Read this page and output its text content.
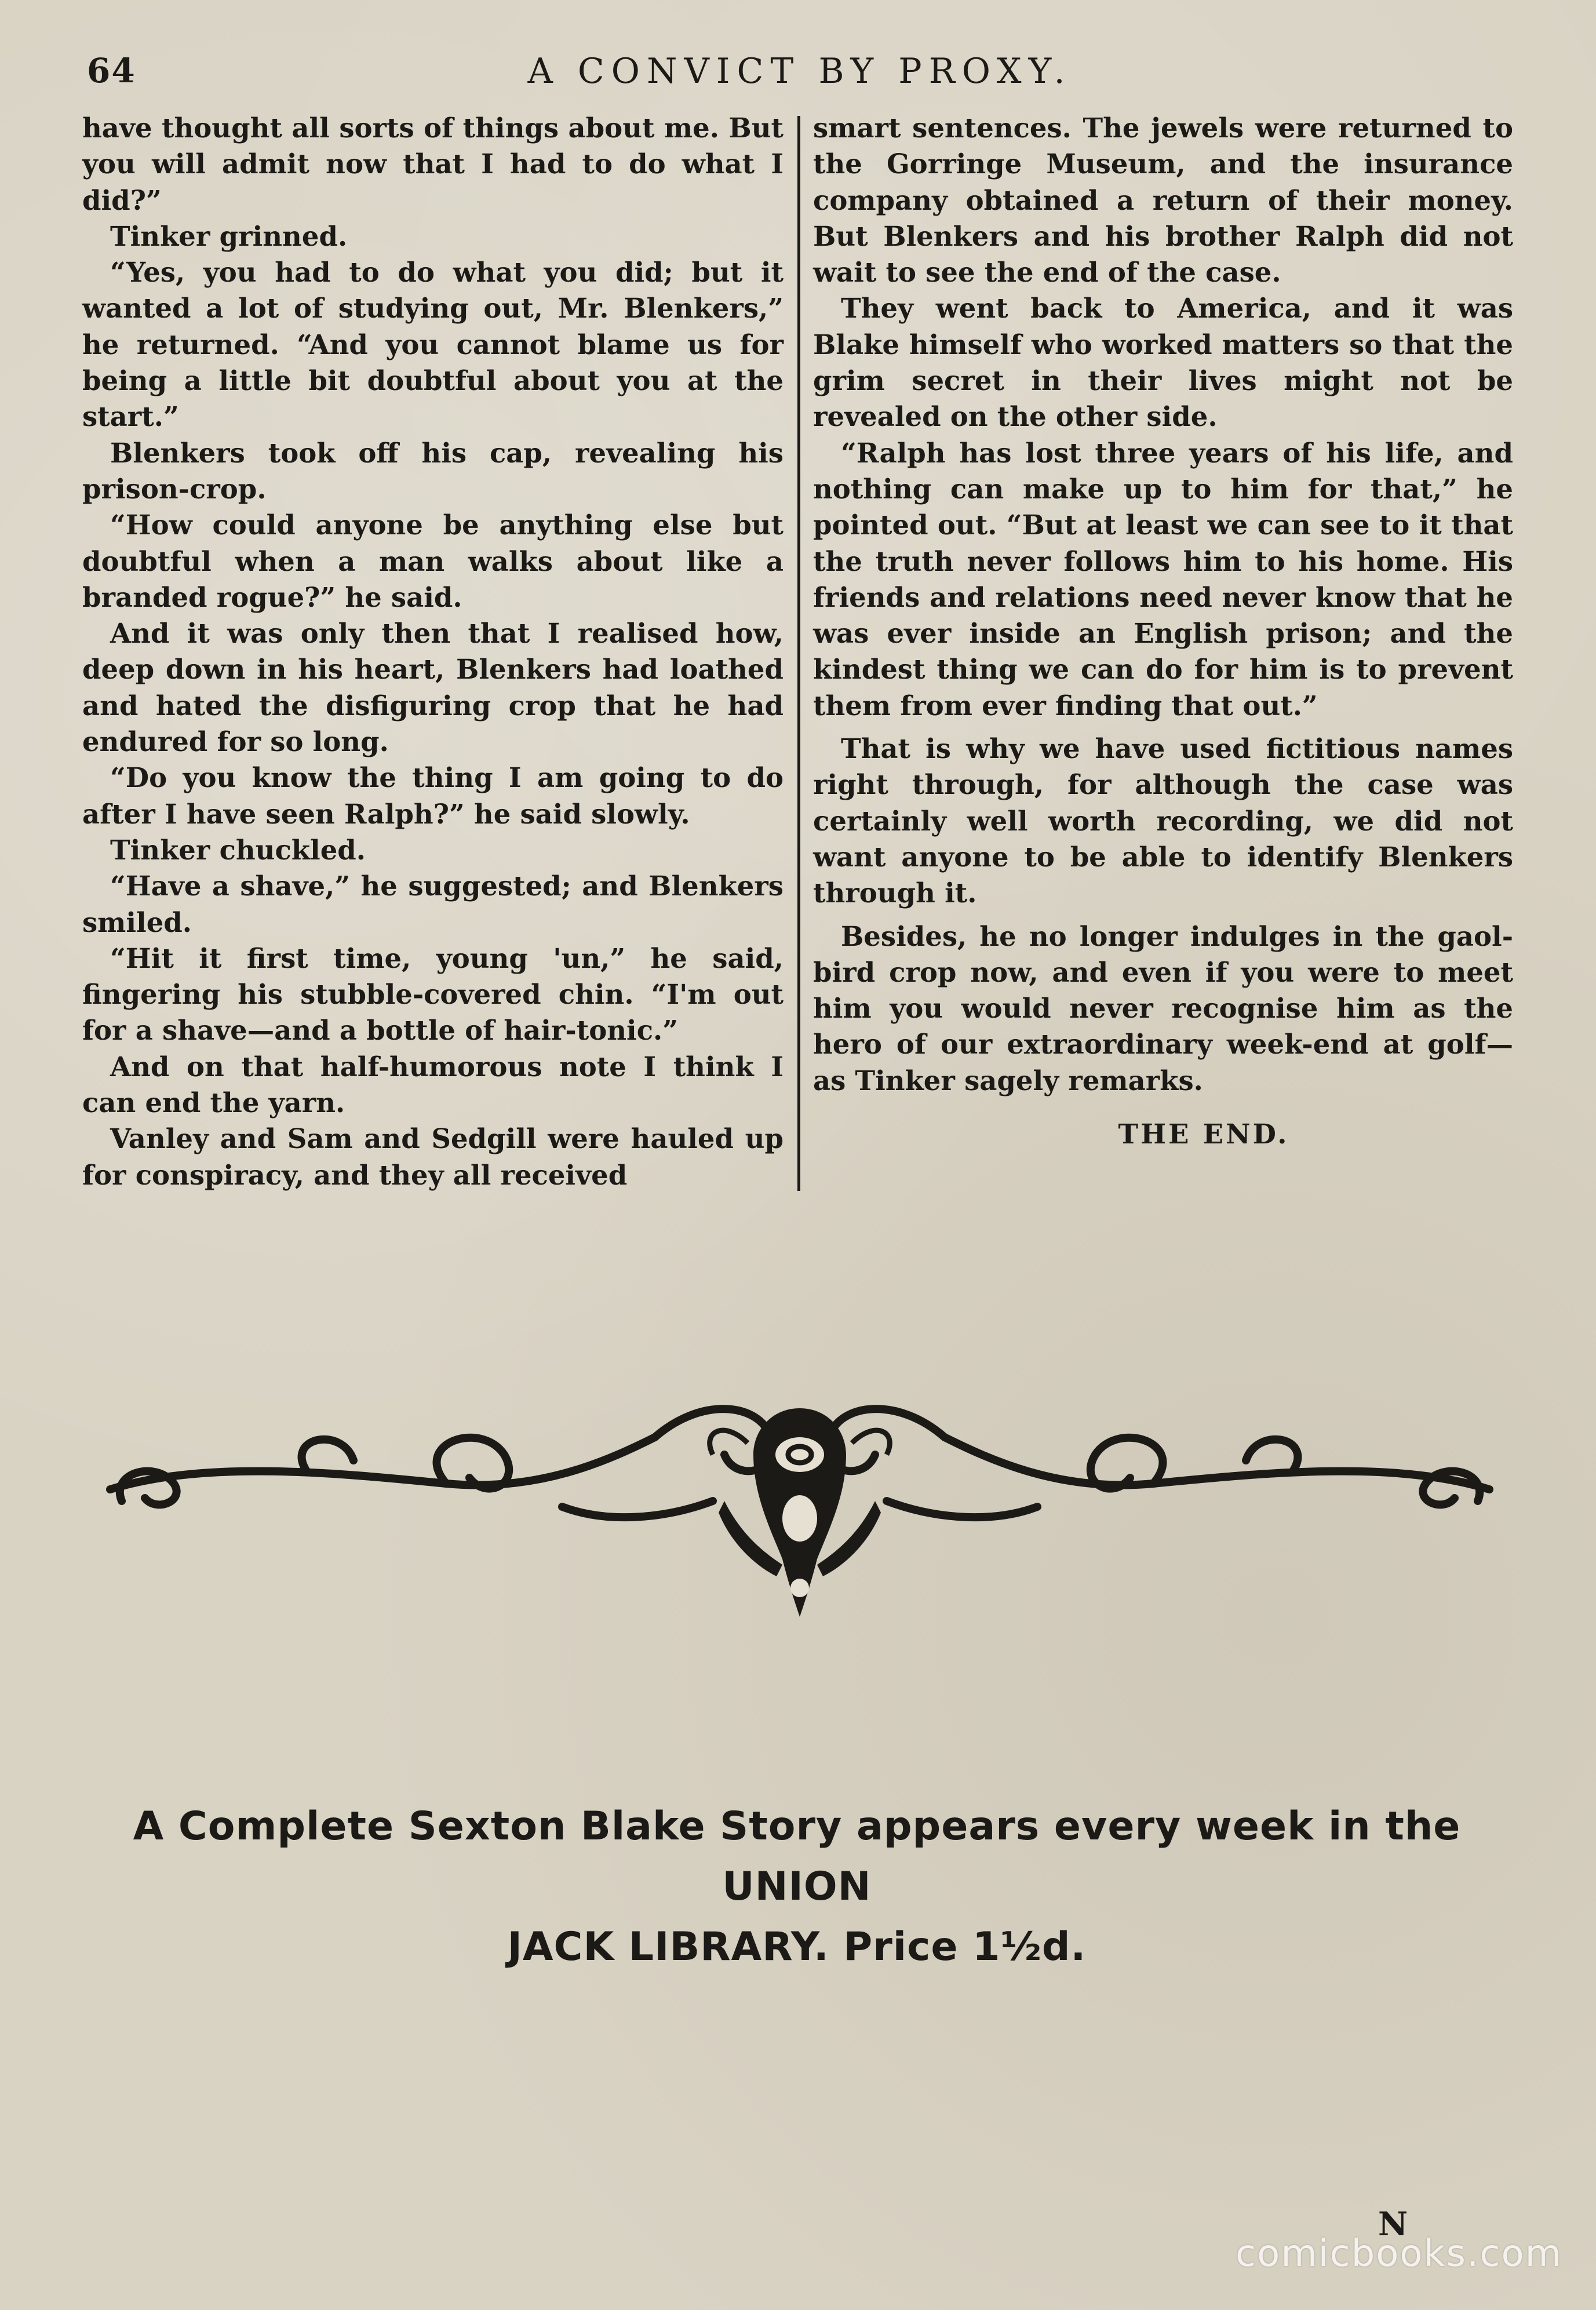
64	A CONVICT BY PROXY.

have thought all sorts of things about me. But you will admit now that I had to do what I did?”

Tinker grinned.

“Yes, you had to do what you did; but it wanted a lot of studying out, Mr. Blenkers,” he returned. “And you cannot blame us for being a little bit doubtful about you at the start.”

Blenkers took off his cap, revealing his prison-crop.

“How could anyone be anything else but doubtful when a man walks about like a branded rogue?” he said.

And it was only then that I realised how, deep down in his heart, Blenkers had loathed and hated the disfiguring crop that he had endured for so long.

“Do you know the thing I am going to do after I have seen Ralph?” he said slowly.

Tinker chuckled.

“Have a shave,” he suggested; and Blenkers smiled.

“Hit it first time, young 'un,” he said, fingering his stubble-covered chin. “I'm out for a shave—and a bottle of hair-tonic.”

And on that half-humorous note I think I can end the yarn.

Vanley and Sam and Sedgill were hauled up for conspiracy, and they all received

smart sentences. The jewels were returned to the Gorringe Museum, and the insurance company obtained a return of their money. But Blenkers and his brother Ralph did not wait to see the end of the case.

They went back to America, and it was Blake himself who worked matters so that the grim secret in their lives might not be revealed on the other side.

“Ralph has lost three years of his life, and nothing can make up to him for that,” he pointed out. “But at least we can see to it that the truth never follows him to his home. His friends and relations need never know that he was ever inside an English prison; and the kindest thing we can do for him is to prevent them from ever finding that out.”

That is why we have used fictitious names right through, for although the case was certainly well worth recording, we did not want anyone to be able to identify Blenkers through it.

Besides, he no longer indulges in the gaol-bird crop now, and even if you were to meet him you would never recognise him as the hero of our extraordinary week-end at golf—as Tinker sagely remarks.

THE END.

A Complete Sexton Blake Story appears every week in the UNION
JACK LIBRARY. Price 1½d.
N
comicbooks.com
